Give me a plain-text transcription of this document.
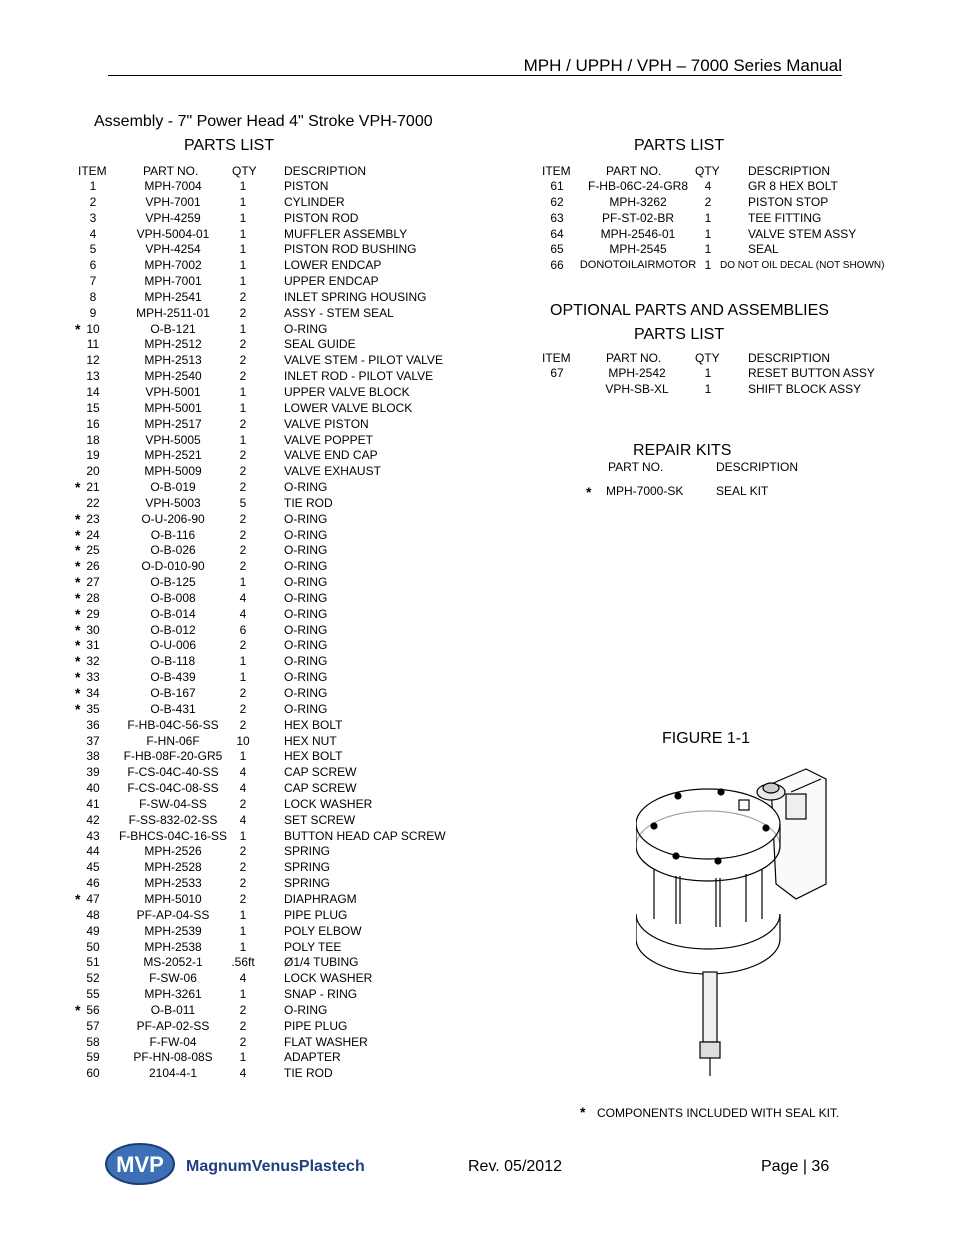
MPH / UPPH / VPH – 7000 Series Manual
Assembly - 7" Power Head 4" Stroke VPH-7000
PARTS LIST
ITEM	PART NO.	QTY DESCRIPTION
1	MPH-7004	1	PISTON
2	VPH-7001	1	CYLINDER
3	VPH-4259	1	PISTON ROD
4	VPH-5004-01	1	MUFFLER ASSEMBLY
5	VPH-4254	1	PISTON ROD BUSHING
6	MPH-7002	1	LOWER ENDCAP
7	MPH-7001	1	UPPER ENDCAP
8	MPH-2541	2	INLET SPRING HOUSING
9	MPH-2511-01 2	ASSY - STEM SEAL
* 10	O-B-121	1	O-RING
11	MPH-2512	2	SEAL GUIDE
12	MPH-2513	2	VALVE STEM - PILOT VALVE
13	MPH-2540	2	INLET ROD - PILOT VALVE
14	VPH-5001	1	UPPER VALVE BLOCK
15	MPH-5001	1	LOWER VALVE BLOCK
16	MPH-2517	2	VALVE PISTON
18	VPH-5005	1	VALVE POPPET
19	MPH-2521	2	VALVE END CAP
20	MPH-5009	2	VALVE EXHAUST
* 21	O-B-019	2	O-RING
22	VPH-5003	5	TIE ROD
* 23	O-U-206-90	2	O-RING
* 24	O-B-116	2	O-RING
* 25	O-B-026	2	O-RING
* 26	O-D-010-90	2	O-RING
* 27	O-B-125	1	O-RING
* 28	O-B-008	4	O-RING
* 29	O-B-014	4	O-RING
* 30	O-B-012	6	O-RING
* 31	O-U-006	2	O-RING
* 32	O-B-118	1	O-RING
* 33	O-B-439	1	O-RING
* 34	O-B-167	2	O-RING
* 35	O-B-431	2	O-RING
36 F-HB-04C-56-SS 2	HEX BOLT
37	F-HN-06F	10	HEX NUT
38 F-HB-08F-20-GR5 1	HEX BOLT
39 F-CS-04C-40-SS 4	CAP SCREW
40 F-CS-04C-08-SS 4	CAP SCREW
41	F-SW-04-SS	2	LOCK WASHER
42 F-SS-832-02-SS 4	SET SCREW
43 F-BHCS-04C-16-SS 1	BUTTON HEAD CAP SCREW
44	MPH-2526	2	SPRING
45	MPH-2528	2	SPRING
46	MPH-2533	2	SPRING
* 47	MPH-5010	2	DIAPHRAGM
48	PF-AP-04-SS	1	PIPE PLUG
49	MPH-2539	1	POLY ELBOW
50	MPH-2538	1	POLY TEE
51	MS-2052-1 .56ft Ø1/4 TUBING
52	F-SW-06	4	LOCK WASHER
55	MPH-3261	1	SNAP - RING
* 56	O-B-011	2	O-RING
57	PF-AP-02-SS	2	PIPE PLUG
58	F-FW-04	2	FLAT WASHER
59	PF-HN-08-08S 1	ADAPTER
60	2104-4-1	4	TIE ROD
PARTS LIST
ITEM	PART NO.	QTY DESCRIPTION
61 F-HB-06C-24-GR8 4	GR 8 HEX BOLT
62	MPH-3262	2	PISTON STOP
63	PF-ST-02-BR	1	TEE FITTING
64	MPH-2546-01 1	VALVE STEM ASSY
65	MPH-2545	1	SEAL
66 DONOTOILAIRMOTOR 1 DO NOT OIL DECAL (NOT SHOWN)
OPTIONAL PARTS AND ASSEMBLIES
PARTS LIST
ITEM	PART NO.	QTY DESCRIPTION
67	MPH-2542	1	RESET BUTTON ASSY
VPH-SB-XL	1	SHIFT BLOCK ASSY
REPAIR KITS
PART NO.	DESCRIPTION
* MPH-7000-SK	SEAL KIT
FIGURE 1-1
* COMPONENTS INCLUDED WITH SEAL KIT.
MVP MagnumVenusPlastech	Rev. 05/2012	Page | 36
